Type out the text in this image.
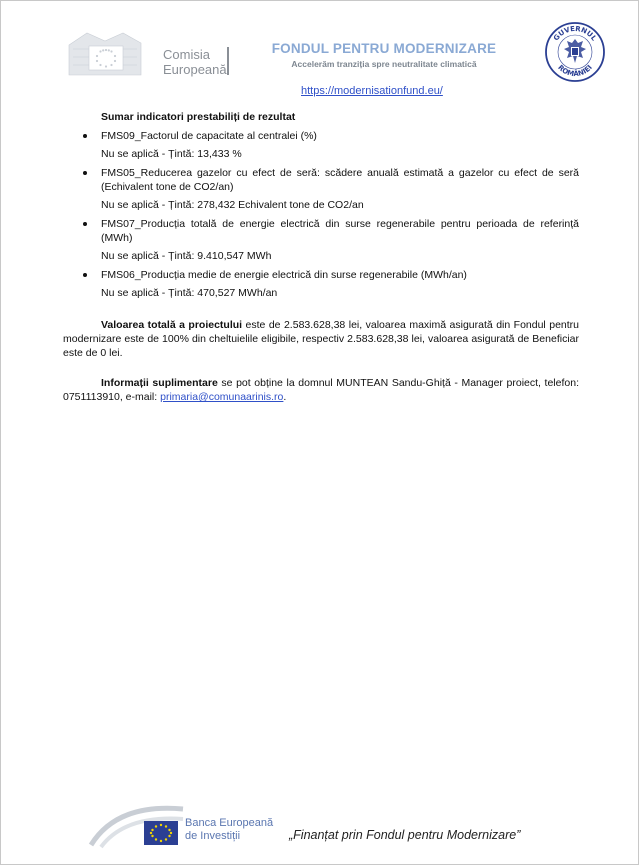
Comisia
Europeană
FONDUL PENTRU MODERNIZARE
Accelerăm tranziția spre neutralitate climatică
GUVERNUL
ROMÂNIEI
https://modernisationfund.eu/
Sumar indicatori prestabiliți de rezultat
FMS09_Factorul de capacitate al centralei (%)
Nu se aplică - Țintă: 13,433 %
FMS05_Reducerea gazelor cu efect de seră: scădere anuală estimată a gazelor cu efect de seră (Echivalent tone de CO2/an)
Nu se aplică - Țintă: 278,432 Echivalent tone de CO2/an
FMS07_Producția totală de energie electrică din surse regenerabile pentru perioada de referință (MWh)
Nu se aplică - Țintă: 9.410,547 MWh
FMS06_Producția medie de energie electrică din surse regenerabile (MWh/an)
Nu se aplică - Țintă: 470,527 MWh/an
Valoarea totală a proiectului este de 2.583.628,38 lei, valoarea maximă asigurată din Fondul pentru modernizare este de 100% din cheltuielile eligibile, respectiv 2.583.628,38 lei, valoarea asigurată de Beneficiar este de 0 lei.
Informații suplimentare se pot obține la domnul MUNTEAN Sandu-Ghiță - Manager proiect, telefon: 0751113910, e-mail: primaria@comunaarinis.ro.
Banca Europeană
de Investiții	„Finanțat prin Fondul pentru Modernizare”
